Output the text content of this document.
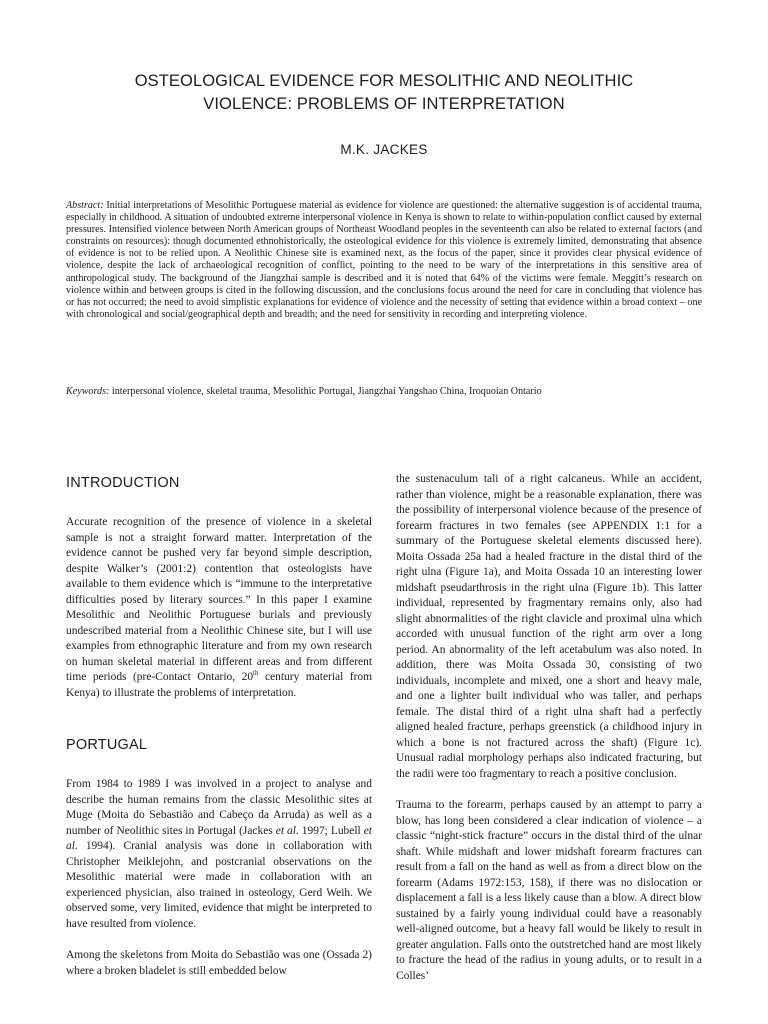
OSTEOLOGICAL EVIDENCE FOR MESOLITHIC AND NEOLITHIC
VIOLENCE: PROBLEMS OF INTERPRETATION

M.K. JACKES

Abstract: Initial interpretations of Mesolithic Portuguese material as evidence for violence are questioned: the alternative suggestion is of accidental trauma, especially in childhood. A situation of undoubted extreme interpersonal violence in Kenya is shown to relate to within-population conflict caused by external pressures. Intensified violence between North American groups of Northeast Woodland peoples in the seventeenth can also be related to external factors (and constraints on resources): though documented ethnohistorically, the osteological evidence for this violence is extremely limited, demonstrating that absence of evidence is not to be relied upon. A Neolithic Chinese site is examined next, as the focus of the paper, since it provides clear physical evidence of violence, despite the lack of archaeological recognition of conflict, pointing to the need to be wary of the interpretations in this sensitive area of anthropological study. The background of the Jiangzhai sample is described and it is noted that 64% of the victims were female. Meggitt’s research on violence within and between groups is cited in the following discussion, and the conclusions focus around the need for care in concluding that violence has or has not occurred; the need to avoid simplistic explanations for evidence of violence and the necessity of setting that evidence within a broad context – one with chronological and social/geographical depth and breadth; and the need for sensitivity in recording and interpreting violence.

Keywords: interpersonal violence, skeletal trauma, Mesolithic Portugal, Jiangzhai Yangshao China, Iroquoian Ontario

INTRODUCTION

Accurate recognition of the presence of violence in a skeletal sample is not a straight forward matter. Interpretation of the evidence cannot be pushed very far beyond simple description, despite Walker’s (2001:2) contention that osteologists have available to them evidence which is “immune to the interpretative difficulties posed by literary sources.” In this paper I examine Mesolithic and Neolithic Portuguese burials and previously undescribed material from a Neolithic Chinese site, but I will use examples from ethnographic literature and from my own research on human skeletal material in different areas and from different time periods (pre-Contact Ontario, 20th century material from Kenya) to illustrate the problems of interpretation.

PORTUGAL

From 1984 to 1989 I was involved in a project to analyse and describe the human remains from the classic Mesolithic sites at Muge (Moita do Sebastião and Cabeço da Arruda) as well as a number of Neolithic sites in Portugal (Jackes et al. 1997; Lubell et al. 1994). Cranial analysis was done in collaboration with Christopher Meiklejohn, and postcranial observations on the Mesolithic material were made in collaboration with an experienced physician, also trained in osteology, Gerd Weih. We observed some, very limited, evidence that might be interpreted to have resulted from violence.

Among the skeletons from Moita do Sebastião was one (Ossada 2) where a broken bladelet is still embedded below

the sustenaculum tali of a right calcaneus. While an accident, rather than violence, might be a reasonable explanation, there was the possibility of interpersonal violence because of the presence of forearm fractures in two females (see APPENDIX 1:1 for a summary of the Portuguese skeletal elements discussed here). Moita Ossada 25a had a healed fracture in the distal third of the right ulna (Figure 1a), and Moita Ossada 10 an interesting lower midshaft pseudarthrosis in the right ulna (Figure 1b). This latter individual, represented by fragmentary remains only, also had slight abnormalities of the right clavicle and proximal ulna which accorded with unusual function of the right arm over a long period. An abnormality of the left acetabulum was also noted. In addition, there was Moita Ossada 30, consisting of two individuals, incomplete and mixed, one a short and heavy male, and one a lighter built individual who was taller, and perhaps female. The distal third of a right ulna shaft had a perfectly aligned healed fracture, perhaps greenstick (a childhood injury in which a bone is not fractured across the shaft) (Figure 1c). Unusual radial morphology perhaps also indicated fracturing, but the radii were too fragmentary to reach a positive conclusion.

Trauma to the forearm, perhaps caused by an attempt to parry a blow, has long been considered a clear indication of violence – a classic “night-stick fracture” occurs in the distal third of the ulnar shaft. While midshaft and lower midshaft forearm fractures can result from a fall on the hand as well as from a direct blow on the forearm (Adams 1972:153, 158), if there was no dislocation or displacement a fall is a less likely cause than a blow. A direct blow sustained by a fairly young individual could have a reasonably well-aligned outcome, but a heavy fall would be likely to result in greater angulation. Falls onto the outstretched hand are most likely to fracture the head of the radius in young adults, or to result in a Colles’
